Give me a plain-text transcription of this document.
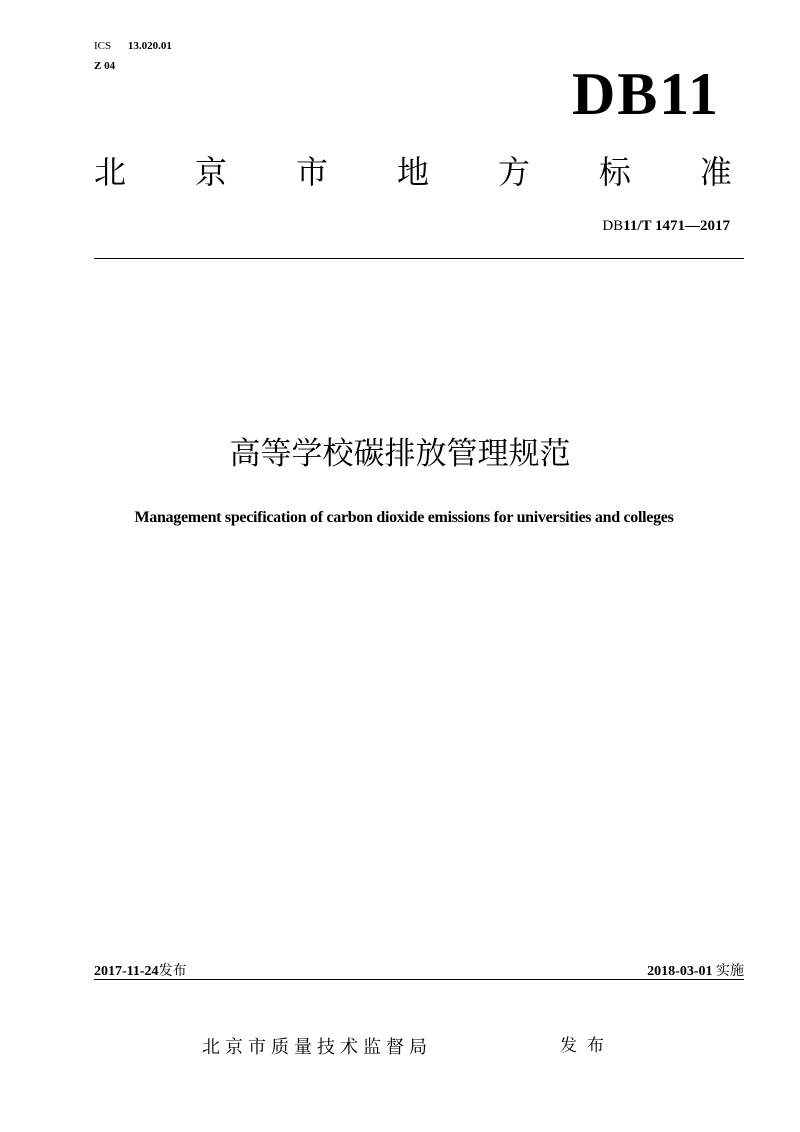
ICS 13.020.01
Z 04	DB11
北 京 市 地 方 标 准
DB11/T 1471—2017
高等学校碳排放管理规范
Management specification of carbon dioxide emissions for universities and colleges
2017-11-24发布	2018-03-01 实施
北京市质量技术监督局	发布
